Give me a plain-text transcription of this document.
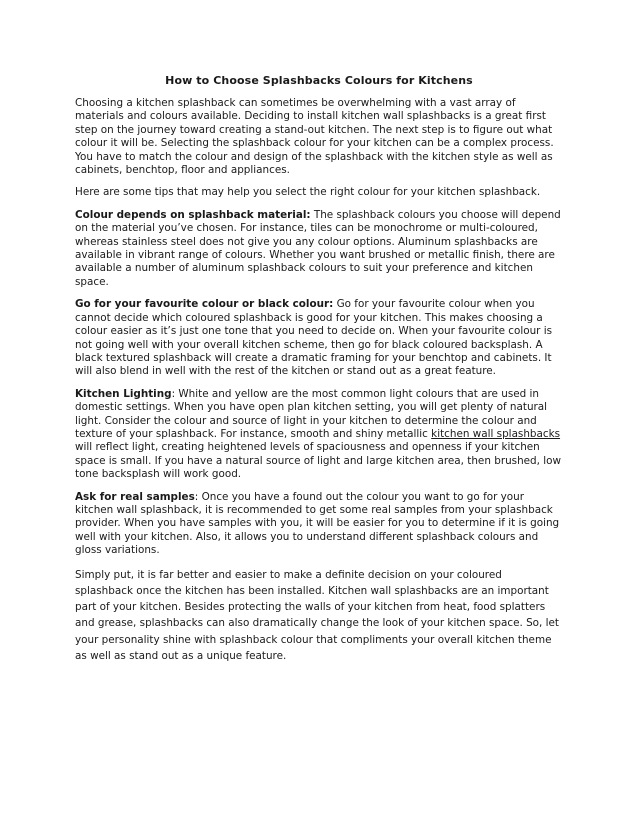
How to Choose Splashbacks Colours for Kitchens

Choosing a kitchen splashback can sometimes be overwhelming with a vast array of materials and colours available. Deciding to install kitchen wall splashbacks is a great first step on the journey toward creating a stand-out kitchen. The next step is to figure out what colour it will be. Selecting the splashback colour for your kitchen can be a complex process. You have to match the colour and design of the splashback with the kitchen style as well as cabinets, benchtop, floor and appliances.

Here are some tips that may help you select the right colour for your kitchen splashback.

Colour depends on splashback material: The splashback colours you choose will depend on the material you’ve chosen. For instance, tiles can be monochrome or multi-coloured, whereas stainless steel does not give you any colour options. Aluminum splashbacks are available in vibrant range of colours. Whether you want brushed or metallic finish, there are available a number of aluminum splashback colours to suit your preference and kitchen space.

Go for your favourite colour or black colour: Go for your favourite colour when you cannot decide which coloured splashback is good for your kitchen. This makes choosing a colour easier as it’s just one tone that you need to decide on. When your favourite colour is not going well with your overall kitchen scheme, then go for black coloured backsplash. A black textured splashback will create a dramatic framing for your benchtop and cabinets. It will also blend in well with the rest of the kitchen or stand out as a great feature.

Kitchen Lighting: White and yellow are the most common light colours that are used in domestic settings. When you have open plan kitchen setting, you will get plenty of natural light. Consider the colour and source of light in your kitchen to determine the colour and texture of your splashback. For instance, smooth and shiny metallic kitchen wall splashbacks will reflect light, creating heightened levels of spaciousness and openness if your kitchen space is small. If you have a natural source of light and large kitchen area, then brushed, low tone backsplash will work good.

Ask for real samples: Once you have a found out the colour you want to go for your kitchen wall splashback, it is recommended to get some real samples from your splashback provider. When you have samples with you, it will be easier for you to determine if it is going well with your kitchen. Also, it allows you to understand different splashback colours and gloss variations.

Simply put, it is far better and easier to make a definite decision on your coloured splashback once the kitchen has been installed. Kitchen wall splashbacks are an important part of your kitchen. Besides protecting the walls of your kitchen from heat, food splatters and grease, splashbacks can also dramatically change the look of your kitchen space. So, let your personality shine with splashback colour that compliments your overall kitchen theme as well as stand out as a unique feature.
